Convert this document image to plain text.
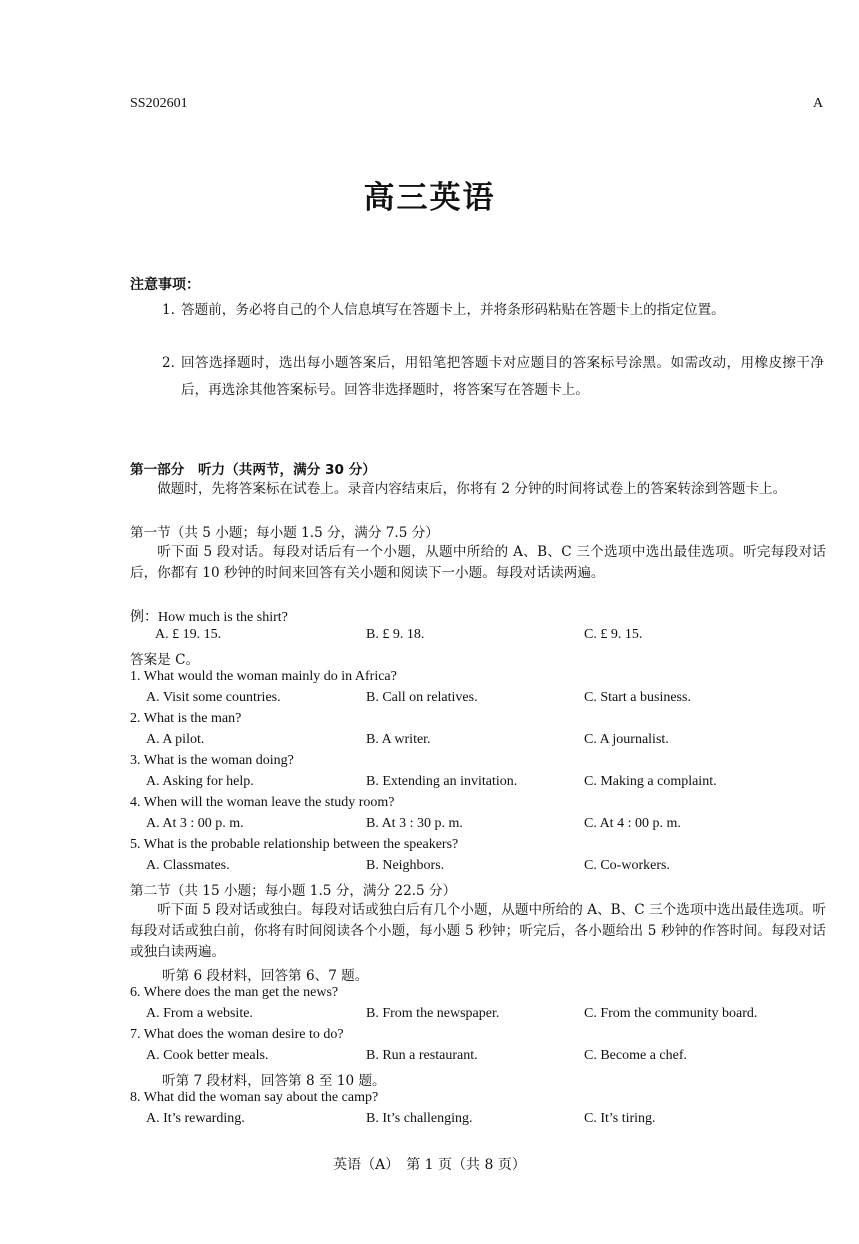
SS202601	A
高三英语
注意事项：
1. 答题前，务必将自己的个人信息填写在答题卡上，并将条形码粘贴在答题卡上的指定位置。
2. 回答选择题时，选出每小题答案后，用铅笔把答题卡对应题目的答案标号涂黑。如需改动，用橡皮擦干净后，再选涂其他答案标号。回答非选择题时，将答案写在答题卡上。
第一部分　听力（共两节，满分 30 分）
做题时，先将答案标在试卷上。录音内容结束后，你将有 2 分钟的时间将试卷上的答案转涂到答题卡上。
第一节（共 5 小题；每小题 1.5 分，满分 7.5 分）
听下面 5 段对话。每段对话后有一个小题，从题中所给的 A、B、C 三个选项中选出最佳选项。听完每段对话后，你都有 10 秒钟的时间来回答有关小题和阅读下一小题。每段对话读两遍。
例：How much is the shirt?
A. £ 19. 15.	B. £ 9. 18.	C. £ 9. 15.
答案是 C。
1. What would the woman mainly do in Africa?
A. Visit some countries.	B. Call on relatives.	C. Start a business.
2. What is the man?
A. A pilot.	B. A writer.	C. A journalist.
3. What is the woman doing?
A. Asking for help.	B. Extending an invitation.	C. Making a complaint.
4. When will the woman leave the study room?
A. At 3 : 00 p. m.	B. At 3 : 30 p. m.	C. At 4 : 00 p. m.
5. What is the probable relationship between the speakers?
A. Classmates.	B. Neighbors.	C. Co-workers.
第二节（共 15 小题；每小题 1.5 分，满分 22.5 分）
听下面 5 段对话或独白。每段对话或独白后有几个小题，从题中所给的 A、B、C 三个选项中选出最佳选项。听每段对话或独白前，你将有时间阅读各个小题，每小题 5 秒钟；听完后，各小题给出 5 秒钟的作答时间。每段对话或独白读两遍。
听第 6 段材料，回答第 6、7 题。
6. Where does the man get the news?
A. From a website.	B. From the newspaper.	C. From the community board.
7. What does the woman desire to do?
A. Cook better meals.	B. Run a restaurant.	C. Become a chef.
听第 7 段材料，回答第 8 至 10 题。
8. What did the woman say about the camp?
A. It’s rewarding.	B. It’s challenging.	C. It’s tiring.
英语（A）　第 1 页（共 8 页）
